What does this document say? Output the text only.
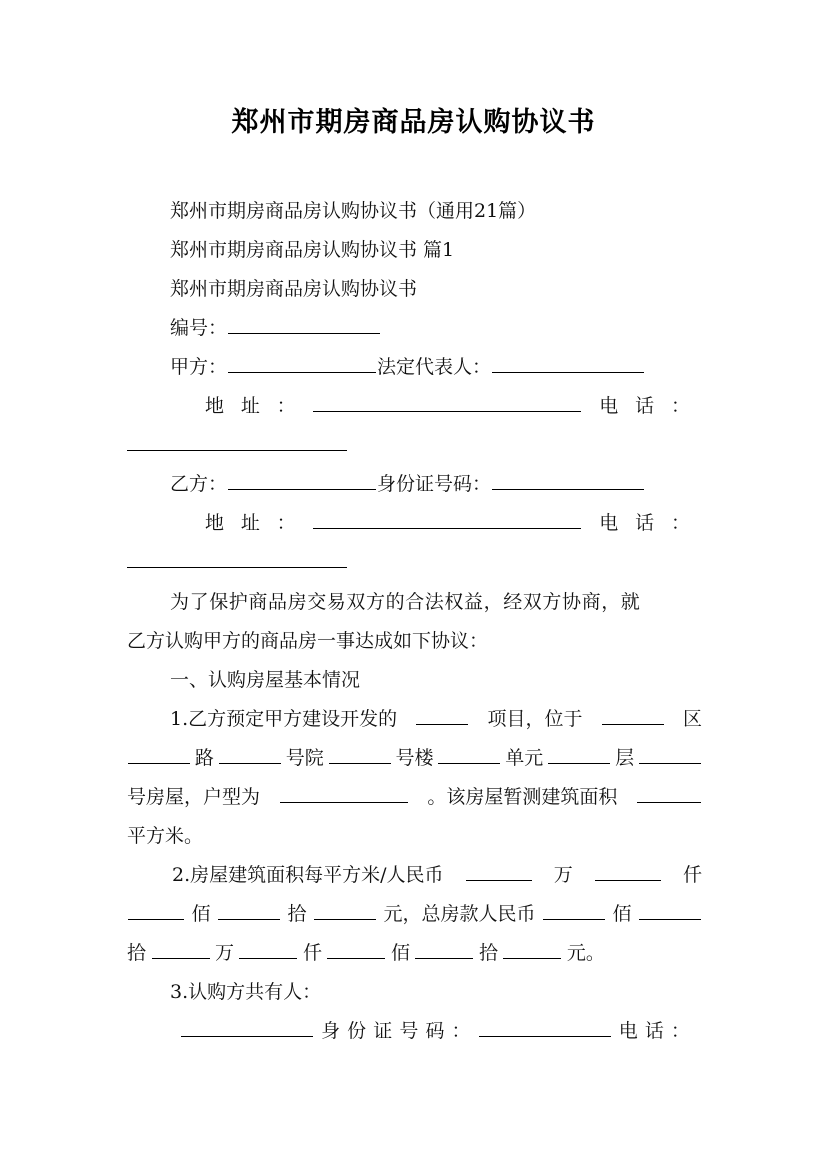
郑州市期房商品房认购协议书
郑州市期房商品房认购协议书（通用21篇）
郑州市期房商品房认购协议书 篇1
郑州市期房商品房认购协议书
编号：
甲方：	法定代表人：
地 址 ：	电 话 ：
乙方：	身份证号码：
地 址 ：	电 话 ：
为了保护商品房交易双方的合法权益，经双方协商，就
乙方认购甲方的商品房一事达成如下协议：
一、认购房屋基本情况
1.乙方预定甲方建设开发的	项目，位于	区
路	号院	号楼	单元	层
号房屋，户型为	。该房屋暂测建筑面积
平方米。
2.房屋建筑面积每平方米/人民币	万	仟
佰	拾	元，总房款人民币	佰
拾	万	仟	佰	拾	元。
3.认购方共有人：
身 份 证 号 码 ：	电 话 ：
